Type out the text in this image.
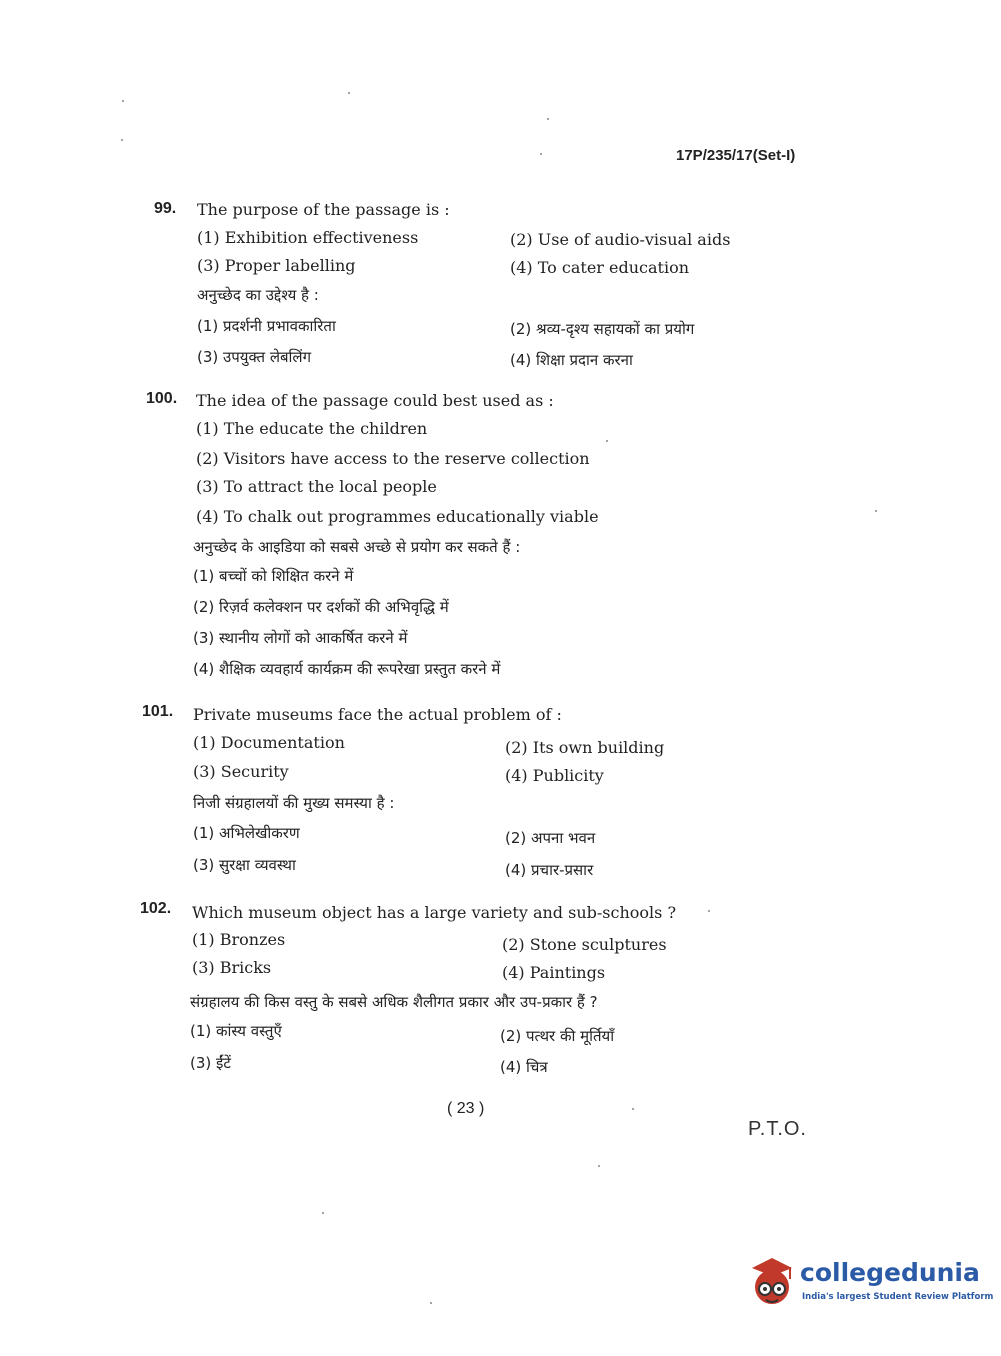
17P/235/17(Set-I)
99. The purpose of the passage is :
(1) Exhibition effectiveness	(2) Use of audio-visual aids
(3) Proper labelling	(4) To cater education
अनुच्छेद का उद्देश्य है :
(1) प्रदर्शनी प्रभावकारिता	(2) श्रव्य-दृश्य सहायकों का प्रयोग
(3) उपयुक्त लेबलिंग	(4) शिक्षा प्रदान करना
100. The idea of the passage could best used as :
(1) The educate the children
(2) Visitors have access to the reserve collection
(3) To attract the local people
(4) To chalk out programmes educationally viable
अनुच्छेद के आइडिया को सबसे अच्छे से प्रयोग कर सकते हैं :
(1) बच्चों को शिक्षित करने में
(2) रिज़र्व कलेक्शन पर दर्शकों की अभिवृद्धि में
(3) स्थानीय लोगों को आकर्षित करने में
(4) शैक्षिक व्यवहार्य कार्यक्रम की रूपरेखा प्रस्तुत करने में
101. Private museums face the actual problem of :
(1) Documentation	(2) Its own building
(3) Security	(4) Publicity
निजी संग्रहालयों की मुख्य समस्या है :
(1) अभिलेखीकरण	(2) अपना भवन
(3) सुरक्षा व्यवस्था	(4) प्रचार-प्रसार
102. Which museum object has a large variety and sub-schools ?
(1) Bronzes	(2) Stone sculptures
(3) Bricks	(4) Paintings
संग्रहालय की किस वस्तु के सबसे अधिक शैलीगत प्रकार और उप-प्रकार हैं ?
(1) कांस्य वस्तुएँ	(2) पत्थर की मूर्तियाँ
(3) ईंटें	(4) चित्र
( 23 )
P.T.O.
collegedunia
India's largest Student Review Platform
